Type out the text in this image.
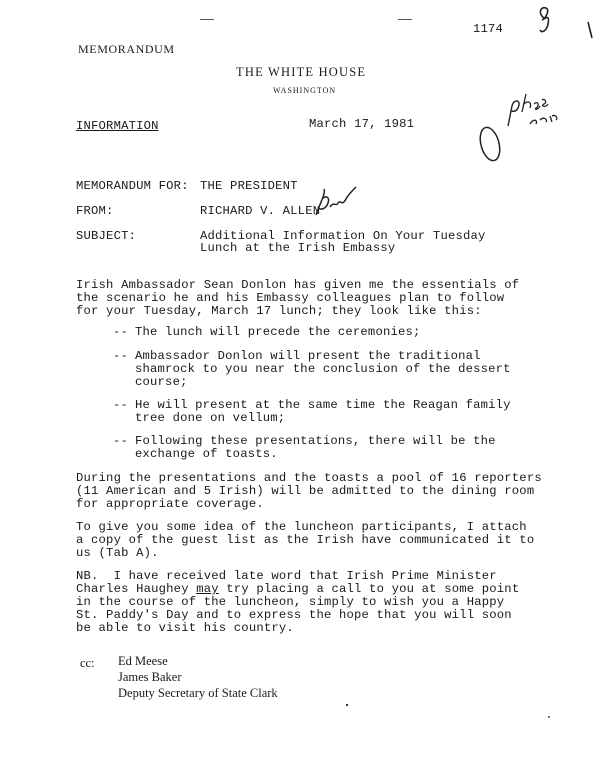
1174
MEMORANDUM
THE WHITE HOUSE
WASHINGTON
INFORMATION	March 17, 1981
MEMORANDUM FOR: THE PRESIDENT
FROM:	RICHARD V. ALLEN
SUBJECT:	Additional Information On Your Tuesday
Lunch at the Irish Embassy
Irish Ambassador Sean Donlon has given me the essentials of
the scenario he and his Embassy colleagues plan to follow
for your Tuesday, March 17 lunch; they look like this:
-- The lunch will precede the ceremonies;
-- Ambassador Donlon will present the traditional
shamrock to you near the conclusion of the dessert
course;
-- He will present at the same time the Reagan family
tree done on vellum;
-- Following these presentations, there will be the
exchange of toasts.
During the presentations and the toasts a pool of 16 reporters
(11 American and 5 Irish) will be admitted to the dining room
for appropriate coverage.
To give you some idea of the luncheon participants, I attach
a copy of the guest list as the Irish have communicated it to
us (Tab A).
NB.  I have received late word that Irish Prime Minister
Charles Haughey may try placing a call to you at some point
in the course of the luncheon, simply to wish you a Happy
St. Paddy's Day and to express the hope that you will soon
be able to visit his country.
cc: Ed Meese
James Baker
Deputy Secretary of State Clark
